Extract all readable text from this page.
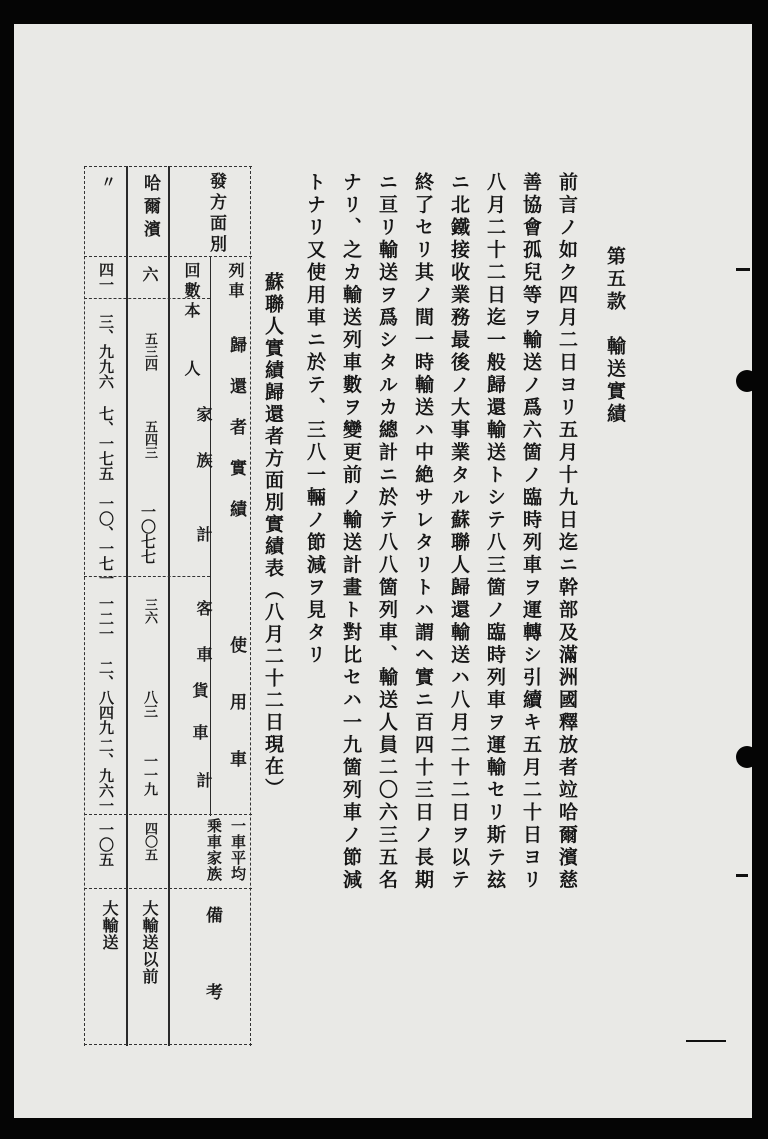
第五款　輸送實績
前言ノ如ク四月二日ヨリ五月十九日迄ニ幹部及滿洲國釋放者竝哈爾濱慈
善協會孤兒等ヲ輸送ノ爲六箇ノ臨時列車ヲ運轉シ引續キ五月二十日ヨリ
八月二十二日迄一般歸還輸送トシテ八三箇ノ臨時列車ヲ運輸セリ斯テ玆
ニ北鐵接收業務最後ノ大事業タル蘇聯人歸還輸送ハ八月二十二日ヲ以テ
終了セリ其ノ間一時輸送ハ中絶サレタリトハ謂ヘ實ニ百四十三日ノ長期
ニ亘リ輸送ヲ爲シタルカ總計ニ於テ八八箇列車、輸送人員二〇六三五名
ナリ、之カ輸送列車數ヲ變更前ノ輸送計畫ト對比セハ一九箇列車ノ節減
トナリ又使用車ニ於テ、三八一輛ノ節減ヲ見タリ
蘇聯人實績歸還者方面別實績表（八月二十二日現在）
發方面別
列車
回數
歸還者實績
本人
家族
計
使用車
客車
貨車
計
一車平均
乗車家族
備考
哈爾濱
六
五三四
五四三
一〇七七
三六
八三
一一九
四〇五
大輸送以前
〃
四一
三、九九六
七、一七五
一〇、一七一
一二一
二、八四九
二、九六一
一〇五
大輸送
